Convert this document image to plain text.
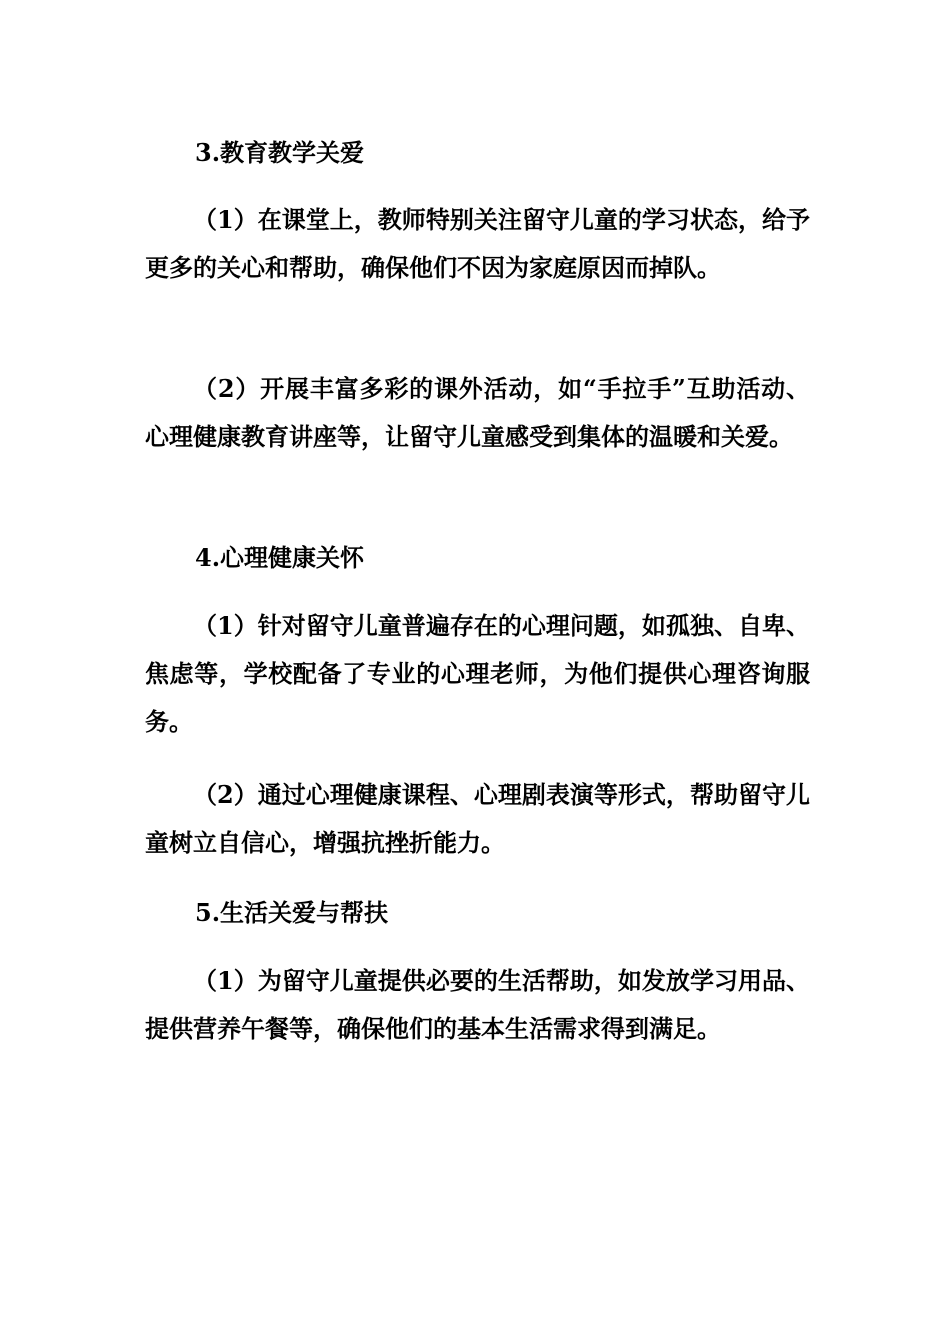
3.教育教学关爱

（1）在课堂上，教师特别关注留守儿童的学习状态，给予更多的关心和帮助，确保他们不因为家庭原因而掉队。

（2）开展丰富多彩的课外活动，如“手拉手”互助活动、心理健康教育讲座等，让留守儿童感受到集体的温暖和关爱。

4.心理健康关怀

（1）针对留守儿童普遍存在的心理问题，如孤独、自卑、焦虑等，学校配备了专业的心理老师，为他们提供心理咨询服务。

（2）通过心理健康课程、心理剧表演等形式，帮助留守儿童树立自信心，增强抗挫折能力。

5.生活关爱与帮扶

（1）为留守儿童提供必要的生活帮助，如发放学习用品、提供营养午餐等，确保他们的基本生活需求得到满足。
